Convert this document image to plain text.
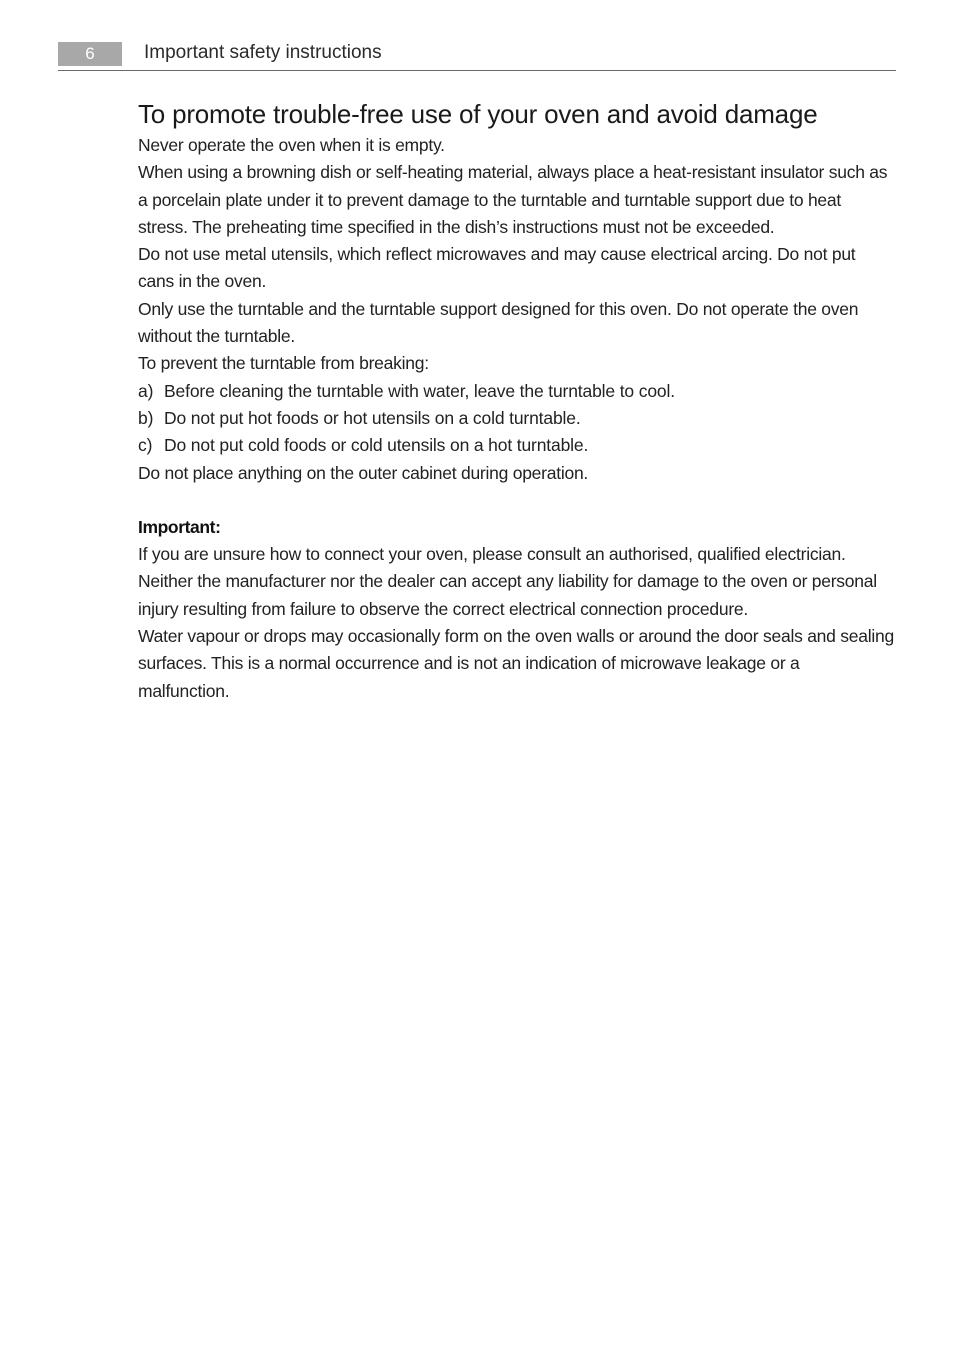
6	Important safety instructions
To promote trouble-free use of your oven and avoid damage

Never operate the oven when it is empty.

When using a browning dish or self-heating material, always place a heat-resistant insulator such as a porcelain plate under it to prevent damage to the turntable and turntable support due to heat stress. The preheating time specified in the dish’s instructions must not be exceeded.

Do not use metal utensils, which reflect microwaves and may cause electrical arcing. Do not put cans in the oven.

Only use the turntable and the turntable support designed for this oven. Do not operate the oven without the turntable.

To prevent the turntable from breaking:

a) Before cleaning the turntable with water, leave the turntable to cool.
b) Do not put hot foods or hot utensils on a cold turntable.
c) Do not put cold foods or cold utensils on a hot turntable.

Do not place anything on the outer cabinet during operation.

Important:

If you are unsure how to connect your oven, please consult an authorised, qualified electrician.

Neither the manufacturer nor the dealer can accept any liability for damage to the oven or personal injury resulting from failure to observe the correct electrical connection procedure.

Water vapour or drops may occasionally form on the oven walls or around the door seals and sealing surfaces. This is a normal occurrence and is not an indication of microwave leakage or a malfunction.
